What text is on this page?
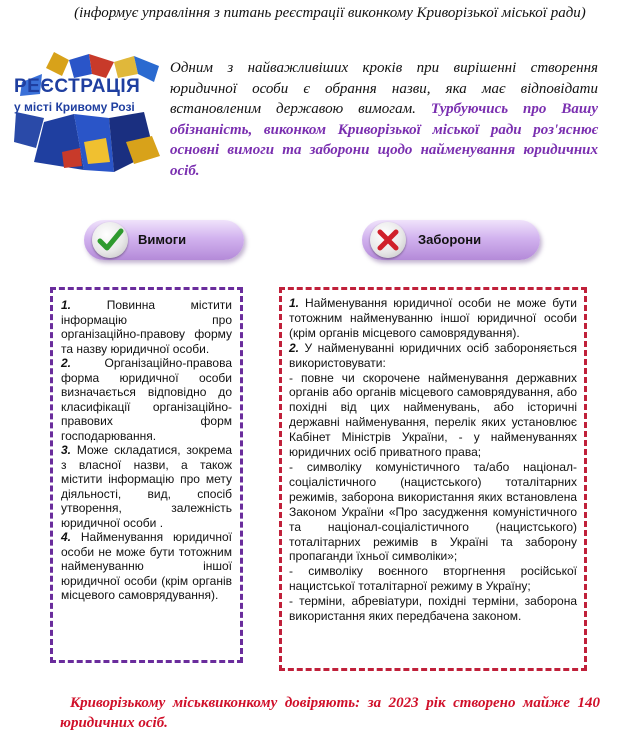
(інформує управління з питань реєстрації виконкому Криворізької міської ради)
РЕЄСТРАЦІЯ
у місті Кривому Розі
Одним з найважливіших кроків при вирішенні створення юридичної особи є обрання назви, яка має відповідати встановленим державою вимогам. Турбуючись про Вашу обізнаність, виконком Криворізької міської ради роз'яснює основні вимоги та заборони щодо найменування юридичних осіб.
Вимоги	Заборони

1. Повинна містити інформацію про організаційно-правову форму та назву юридичної особи.

2. Організаційно-правова форма юридичної особи визначається відповідно до класифікації організаційно-правових форм господарювання.

3. Може складатися, зокрема з власної назви, а також містити інформацію про мету діяльності, вид, спосіб утворення, залежність юридичної особи .

4. Найменування юридичної особи не може бути тотожним найменуванню іншої юридичної особи (крім органів місцевого самоврядування).

1. Найменування юридичної особи не може бути тотожним найменуванню іншої юридичної особи (крім органів місцевого самоврядування).

2. У найменуванні юридичних осіб забороняється використовувати:

- повне чи скорочене найменування державних органів або органів місцевого самоврядування, або похідні від цих найменувань, або історичні державні найменування, перелік яких установлює Кабінет Міністрів України, - у найменуваннях юридичних осіб приватного права;

- символіку комуністичного та/або націонал-соціалістичного (нацистського) тоталітарних режимів, заборона використання яких встановлена Законом України «Про засудження комуністичного та націонал-соціалістичного (нацистського) тоталітарних режимів в Україні та заборону пропаганди їхньої символіки»;

- символіку воєнного вторгнення російської нацистської тоталітарної режиму в Україну;

- терміни, абревіатури, похідні терміни, заборона використання яких передбачена законом.

Криворізькому міськвиконкому довіряють: за 2023 рік створено майже 140 юридичних осіб.
